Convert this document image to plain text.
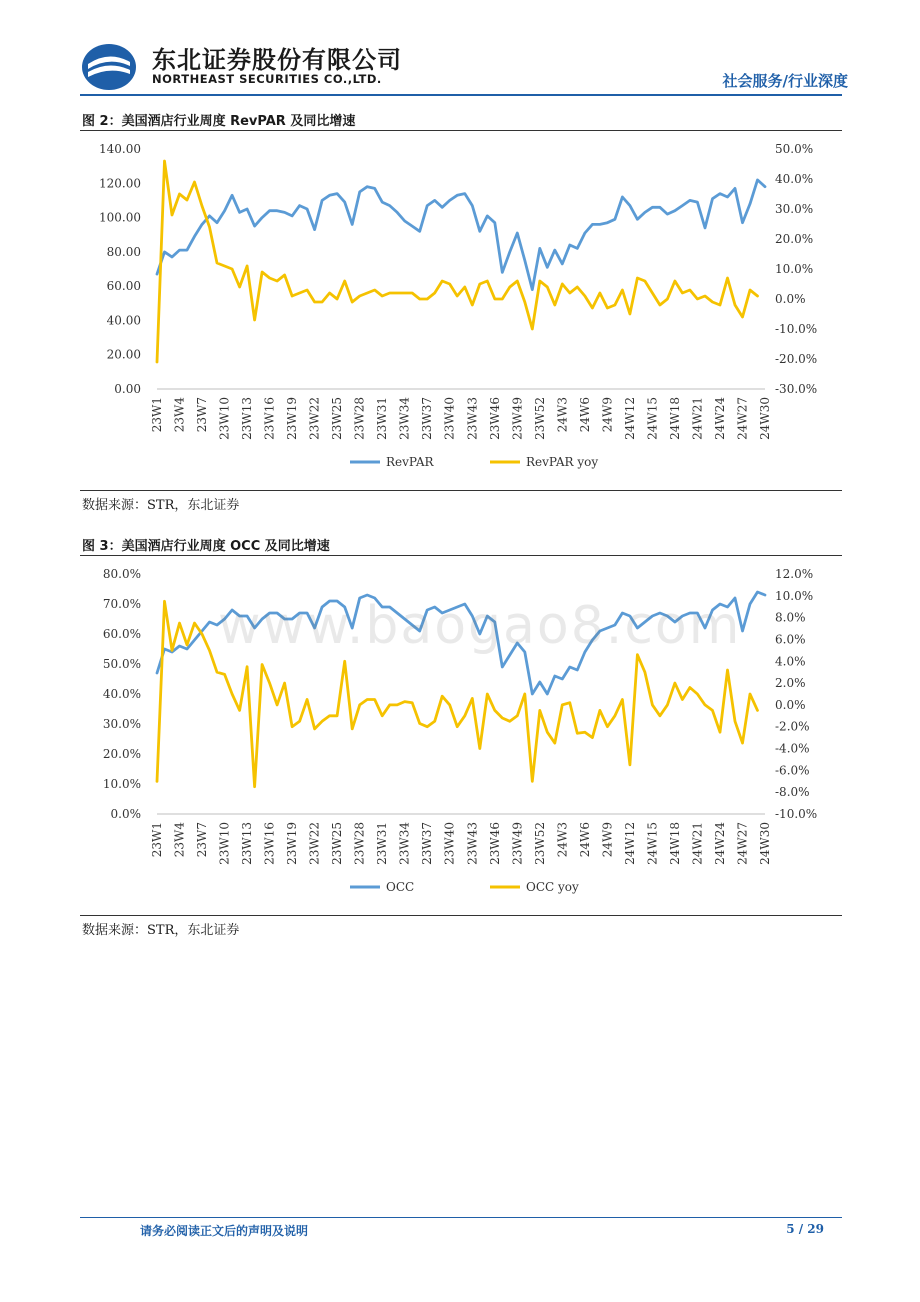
东北证券股份有限公司
NORTHEAST SECURITIES CO.,LTD.	社会服务/行业深度
图 2：美国酒店行业周度 RevPAR 及同比增速
140.00
120.00
100.00
80.00
60.00
40.00
20.00
0.00
50.0%
40.0%
30.0%
20.0%
10.0%
0.0%
-10.0%
-20.0%
-30.0%
23W1 23W4 23W7 23W10 23W13 23W16 23W19 23W22 23W25 23W28 23W31 23W34 23W37 23W40 23W43 23W46 23W49 23W52 24W3 24W6 24W9 24W12 24W15 24W18 24W21 24W24 24W27 24W30
RevPAR	RevPAR yoy
数据来源：STR，东北证券
图 3：美国酒店行业周度 OCC 及同比增速
80.0%
70.0%
60.0%
50.0%
40.0%
30.0%
20.0%
10.0%
0.0%
12.0%
10.0%
8.0%
6.0%
4.0%
2.0%
0.0%
-2.0%
-4.0%
-6.0%
-8.0%
-10.0%
23W1 23W4 23W7 23W10 23W13 23W16 23W19 23W22 23W25 23W28 23W31 23W34 23W37 23W40 23W43 23W46 23W49 23W52 24W3 24W6 24W9 24W12 24W15 24W18 24W21 24W24 24W27 24W30
OCC	OCC yoy
数据来源：STR，东北证券
www.baogao8.com
请务必阅读正文后的声明及说明	5 / 29
